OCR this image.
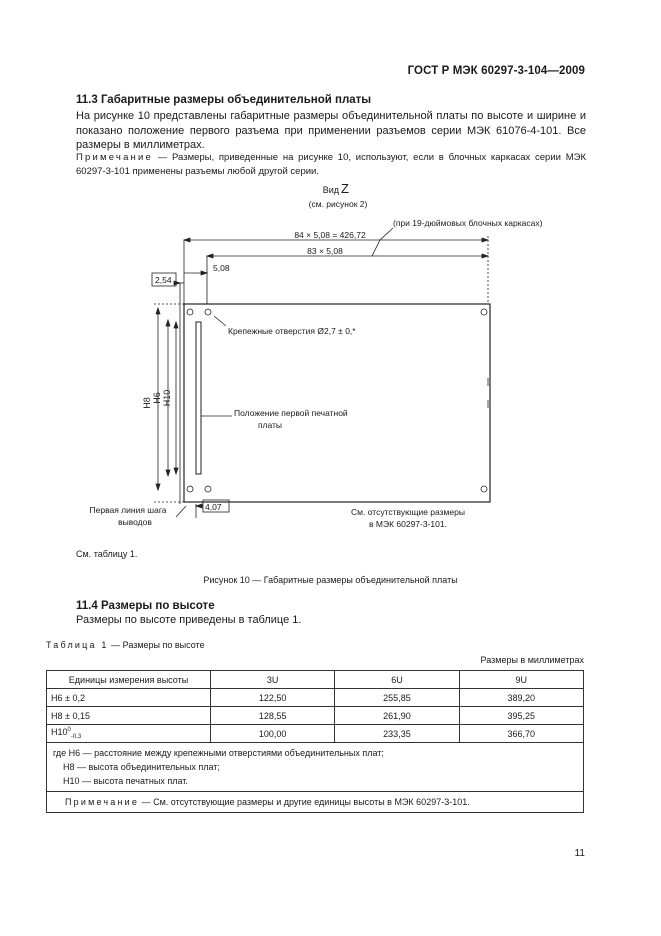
ГОСТ Р МЭК 60297-3-104—2009
11.3 Габаритные размеры объединительной платы
На рисунке 10 представлены габаритные размеры объединительной платы по высоте и ширине и показано положение первого разъема при применении разъемов серии МЭК 61076-4-101. Все размеры в миллиметрах.
Примечание — Размеры, приведенные на рисунке 10, используют, если в блочных каркасах серии МЭК 60297-3-101 применены разъемы любой другой серии.
Вид Z
(см. рисунок 2)
(при 19-дюймовых блочных каркасах)
84 × 5,08 = 426,72
83 × 5,08
5,08
2,54
H8 H6 H10
Крепежные отверстия Ø2,7 ± 0,*
Положение первой печатной
платы
4,07
Первая линия шага
выводов
См. отсутствующие размеры
в МЭК 60297-3-101.
См. таблицу 1.
Рисунок 10 — Габаритные размеры объединительной платы
11.4 Размеры по высоте
Размеры по высоте приведены в таблице 1.
Таблица 1 — Размеры по высоте
Размеры в миллиметрах
Единицы измерения высоты	3U	6U	9U
H6 ± 0,2	122,50	255,85	389,20
H8 ± 0,15	128,55	261,90	395,25
$H10^0_{-0,3}$	100,00	233,35	366,70

где H6 — расстояние между крепежными отверстиями объединительных плат;
H8 — высота объединительных плат;
H10 — высота печатных плат.			

Примечание — См. отсутствующие размеры и другие единицы высоты в МЭК 60297-3-101.			
11
